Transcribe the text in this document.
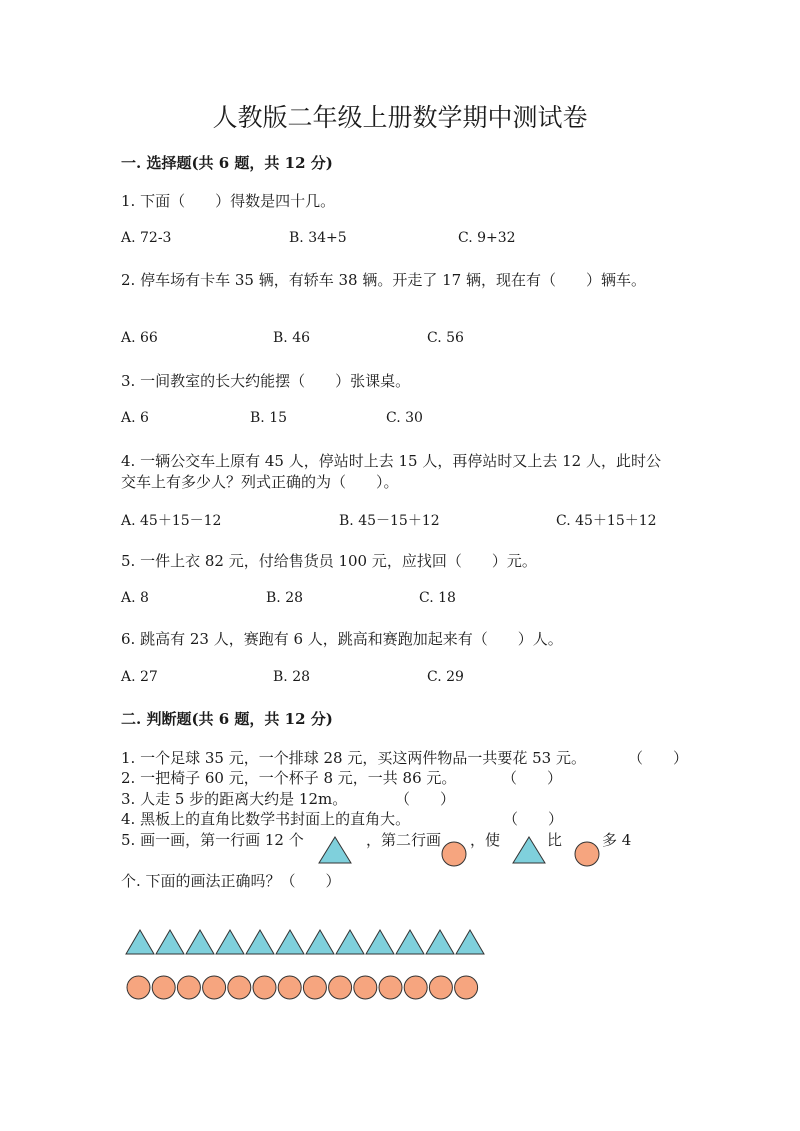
人教版二年级上册数学期中测试卷
一. 选择题(共 6 题，共 12 分)
1. 下面（　　）得数是四十几。
A. 72-3	B. 34+5	C. 9+32
2. 停车场有卡车 35 辆，有轿车 38 辆。开走了 17 辆，现在有（　　）辆车。
A. 66	B. 46	C. 56
3. 一间教室的长大约能摆（　　）张课桌。
A. 6	B. 15	C. 30
4. 一辆公交车上原有 45 人，停站时上去 15 人，再停站时又上去 12 人，此时公
交车上有多少人？列式正确的为（　　）。
A. 45＋15－12	B. 45－15＋12	C. 45＋15＋12
5. 一件上衣 82 元，付给售货员 100 元，应找回（　　）元。
A. 8	B. 28	C. 18
6. 跳高有 23 人，赛跑有 6 人，跳高和赛跑加起来有（　　）人。
A. 27	B. 28	C. 29
二. 判断题(共 6 题，共 12 分)
1. 一个足球 35 元，一个排球 28 元，买这两件物品一共要花 53 元。	（　　）
2. 一把椅子 60 元，一个杯子 8 元，一共 86 元。	（　　）
3. 人走 5 步的距离大约是 12m。	（　　）
4. 黑板上的直角比数学书封面上的直角大。	（　　）
5. 画一画，第一行画 12 个	，第二行画 ，使	比	多 4
个. 下面的画法正确吗？（　　）
